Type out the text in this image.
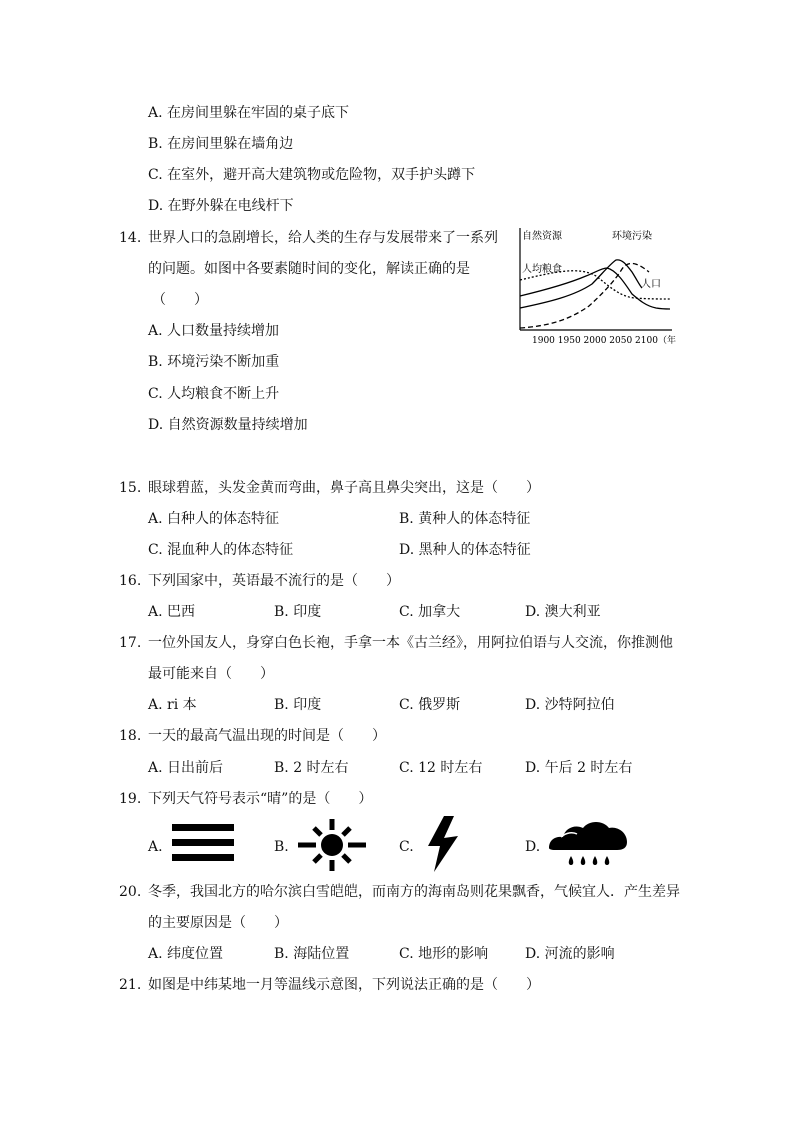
A. 在房间里躲在牢固的桌子底下
B. 在房间里躲在墙角边
C. 在室外，避开高大建筑物或危险物，双手护头蹲下
D. 在野外躲在电线杆下
14. 世界人口的急剧增长，给人类的生存与发展带来了一系列
的问题。如图中各要素随时间的变化，解读正确的是
（　　）
A. 人口数量持续增加
B. 环境污染不断加重
C. 人均粮食不断上升
D. 自然资源数量持续增加
自然资源	环境污染
人均粮食
人口
1900 1950 2000 2050 2100（年）
15. 眼球碧蓝，头发金黄而弯曲，鼻子高且鼻尖突出，这是（　　）
A. 白种人的体态特征	B. 黄种人的体态特征
C. 混血种人的体态特征	D. 黑种人的体态特征
16. 下列国家中，英语最不流行的是（　　）
A. 巴西	B. 印度	C. 加拿大	D. 澳大利亚
17. 一位外国友人，身穿白色长袍，手拿一本《古兰经》，用阿拉伯语与人交流，你推测他
最可能来自（　　）
A. ri 本	B. 印度	C. 俄罗斯	D. 沙特阿拉伯
18. 一天的最高气温出现的时间是（　　）
A. 日出前后	B. 2 时左右	C. 12 时左右	D. 午后 2 时左右
19. 下列天气符号表示“晴”的是（　　）
A.	B.	C.	D.
20. 冬季，我国北方的哈尔滨白雪皑皑，而南方的海南岛则花果飘香，气候宜人．产生差异
的主要原因是（　　）
A. 纬度位置	B. 海陆位置	C. 地形的影响	D. 河流的影响
21. 如图是中纬某地一月等温线示意图，下列说法正确的是（　　）
